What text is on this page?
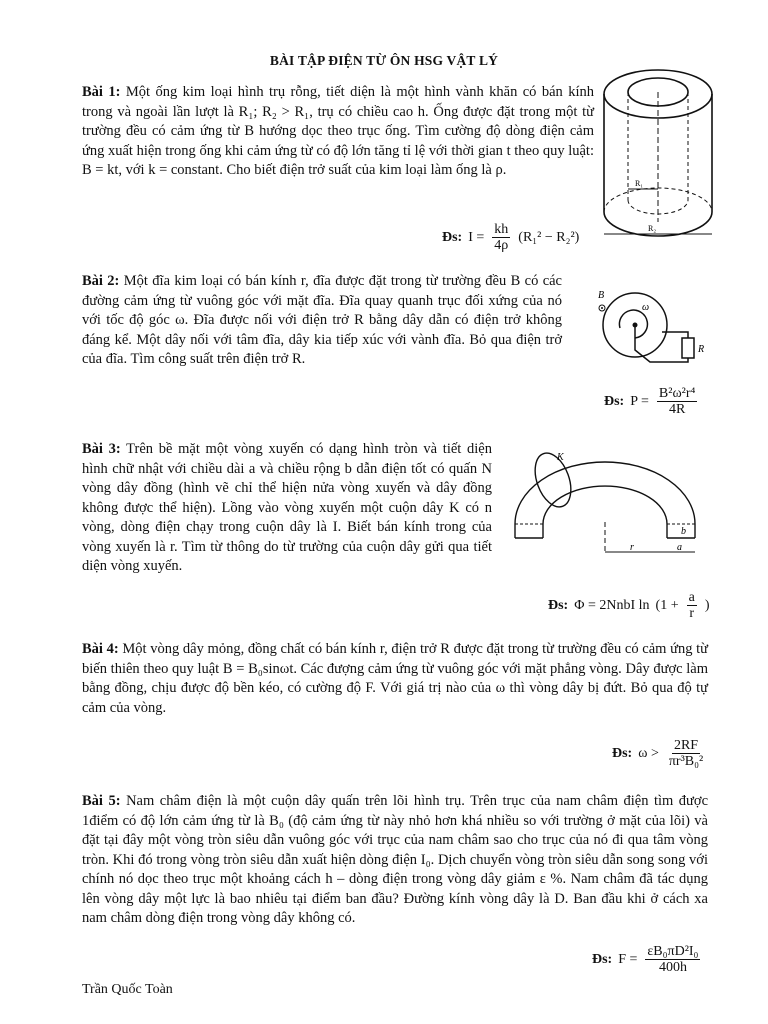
BÀI TẬP ĐIỆN TỪ ÔN HSG VẬT LÝ
Bài 1: Một ống kim loại hình trụ rỗng, tiết diện là một hình vành khăn có bán kính trong và ngoài lần lượt là R₁; R₂ > R₁, trụ có chiều cao h. Ống được đặt trong một từ trường đều có cảm ứng từ B hướng dọc theo trục ống. Tìm cường độ dòng điện cảm ứng xuất hiện trong ống khi cảm ứng từ có độ lớn tăng tỉ lệ với thời gian t theo quy luật: B = kt, với k = constant. Cho biết điện trở suất của kim loại làm ống là ρ.
R₁
R₂
Đs: $I = \frac{kh}{4\rho} (R_1^2 - R_2^2)$
Bài 2: Một đĩa kim loại có bán kính r, đĩa được đặt trong từ trường đều B có các đường cảm ứng từ vuông góc với mặt đĩa. Đĩa quay quanh trục đối xứng của nó với tốc độ góc ω. Đĩa được nối với điện trở R bằng dây dẫn có điện trở không đáng kể. Một dây nối với tâm đĩa, dây kia tiếp xúc với vành đĩa. Bỏ qua điện trở của đĩa. Tìm công suất trên điện trở R.
B⃗
ω
R
Đs: $P = \frac{\text{B²ω²r⁴}}{4R}$
Bài 3: Trên bề mặt một vòng xuyến có dạng hình tròn và tiết diện hình chữ nhật với chiều dài a và chiều rộng b dẫn điện tốt có quấn N vòng dây đồng (hình vẽ chỉ thể hiện nửa vòng xuyến và dây đồng không được thể hiện). Lồng vào vòng xuyến một cuộn dây K có n vòng, dòng điện chạy trong cuộn dây là I. Biết bán kính trong của vòng xuyến là r. Tìm từ thông do từ trường của cuộn dây gửi qua tiết diện vòng xuyến.
K
b
r	a
Đs: Φ = 2NnbI $\ln (1 + \frac{a}{r}$ )
Bài 4: Một vòng dây mỏng, đồng chất có bán kính r, điện trở R được đặt trong từ trường đều có cảm ứng từ biến thiên theo quy luật B = B₀sinωt. Các đượng cảm ứng từ vuông góc với mặt phẳng vòng. Dây được làm bằng đồng, chịu được độ bền kéo, có cường độ F. Với giá trị nào của ω thì vòng dây bị đứt. Bỏ qua độ tự cảm của vòng.
Đs: $\omega > \frac{2RF}{\text{πr³B₀²}}$
Bài 5: Nam châm điện là một cuộn dây quấn trên lõi hình trụ. Trên trục của nam châm điện tìm được 1điểm có độ lớn cảm ứng từ là B₀ (độ cảm ứng từ này nhỏ hơn khá nhiều so với trường ở mặt của lõi) và đặt tại đây một vòng tròn siêu dẫn vuông góc với trục của nam châm sao cho trục của nó đi qua tâm vòng tròn. Khi đó trong vòng tròn siêu dẫn xuất hiện dòng điện I₀. Dịch chuyển vòng tròn siêu dẫn song song với chính nó dọc theo trục một khoảng cách h – dòng điện trong vòng dây giảm ε %. Nam châm đã tác dụng lên vòng dây một lực là bao nhiêu tại điểm ban đầu? Đường kính vòng dây là D. Ban đầu khi ở cách xa nam châm dòng điện trong vòng dây không có.
Đs: $F = \frac{\text{εB₀πD²I₀}}{400h}$
Trần Quốc Toàn
